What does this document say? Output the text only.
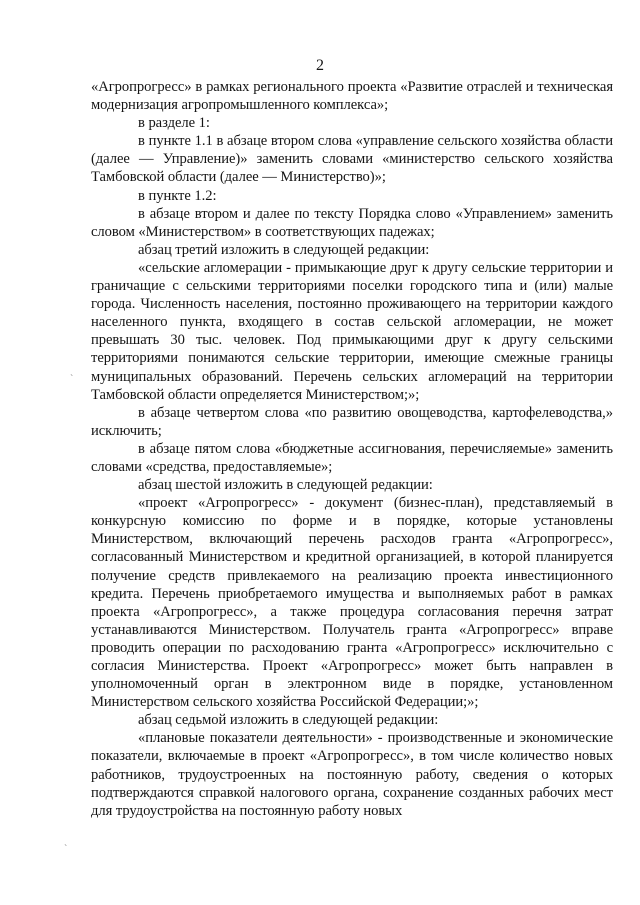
2

«Агропрогресс» в рамках регионального проекта «Развитие отраслей и техническая модернизация агропромышленного комплекса»;

в разделе 1:

в пункте 1.1 в абзаце втором слова «управление сельского хозяйства области (далее — Управление)» заменить словами «министерство сельского хозяйства Тамбовской области (далее — Министерство)»;

в пункте 1.2:

в абзаце втором и далее по тексту Порядка слово «Управлением» заменить словом «Министерством» в соответствующих падежах;

абзац третий изложить в следующей редакции:

«сельские агломерации - примыкающие друг к другу сельские территории и граничащие с сельскими территориями поселки городского типа и (или) малые города. Численность населения, постоянно проживающего на территории каждого населенного пункта, входящего в состав сельской агломерации, не может превышать 30 тыс. человек. Под примыкающими друг к другу сельскими территориями понимаются сельские территории, имеющие смежные границы муниципальных образований. Перечень сельских агломераций на территории Тамбовской области определяется Министерством;»;

в абзаце четвертом слова «по развитию овощеводства, картофелеводства,» исключить;

в абзаце пятом слова «бюджетные ассигнования, перечисляемые» заменить словами «средства, предоставляемые»;

абзац шестой изложить в следующей редакции:

«проект «Агропрогресс» - документ (бизнес-план), представляемый в конкурсную комиссию по форме и в порядке, которые установлены Министерством, включающий перечень расходов гранта «Агропрогресс», согласованный Министерством и кредитной организацией, в которой планируется получение средств привлекаемого на реализацию проекта инвестиционного кредита. Перечень приобретаемого имущества и выполняемых работ в рамках проекта «Агропрогресс», а также процедура согласования перечня затрат устанавливаются Министерством. Получатель гранта «Агропрогресс» вправе проводить операции по расходованию гранта «Агропрогресс» исключительно с согласия Министерства. Проект «Агропрогресс» может быть направлен в уполномоченный орган в электронном виде в порядке, установленном Министерством сельского хозяйства Российской Федерации;»;

абзац седьмой изложить в следующей редакции:

«плановые показатели деятельности» - производственные и экономические показатели, включаемые в проект «Агропрогресс», в том числе количество новых работников, трудоустроенных на постоянную работу, сведения о которых подтверждаются справкой налогового органа, сохранение созданных рабочих мест для трудоустройства на постоянную работу новых

ˋ
ˋ
